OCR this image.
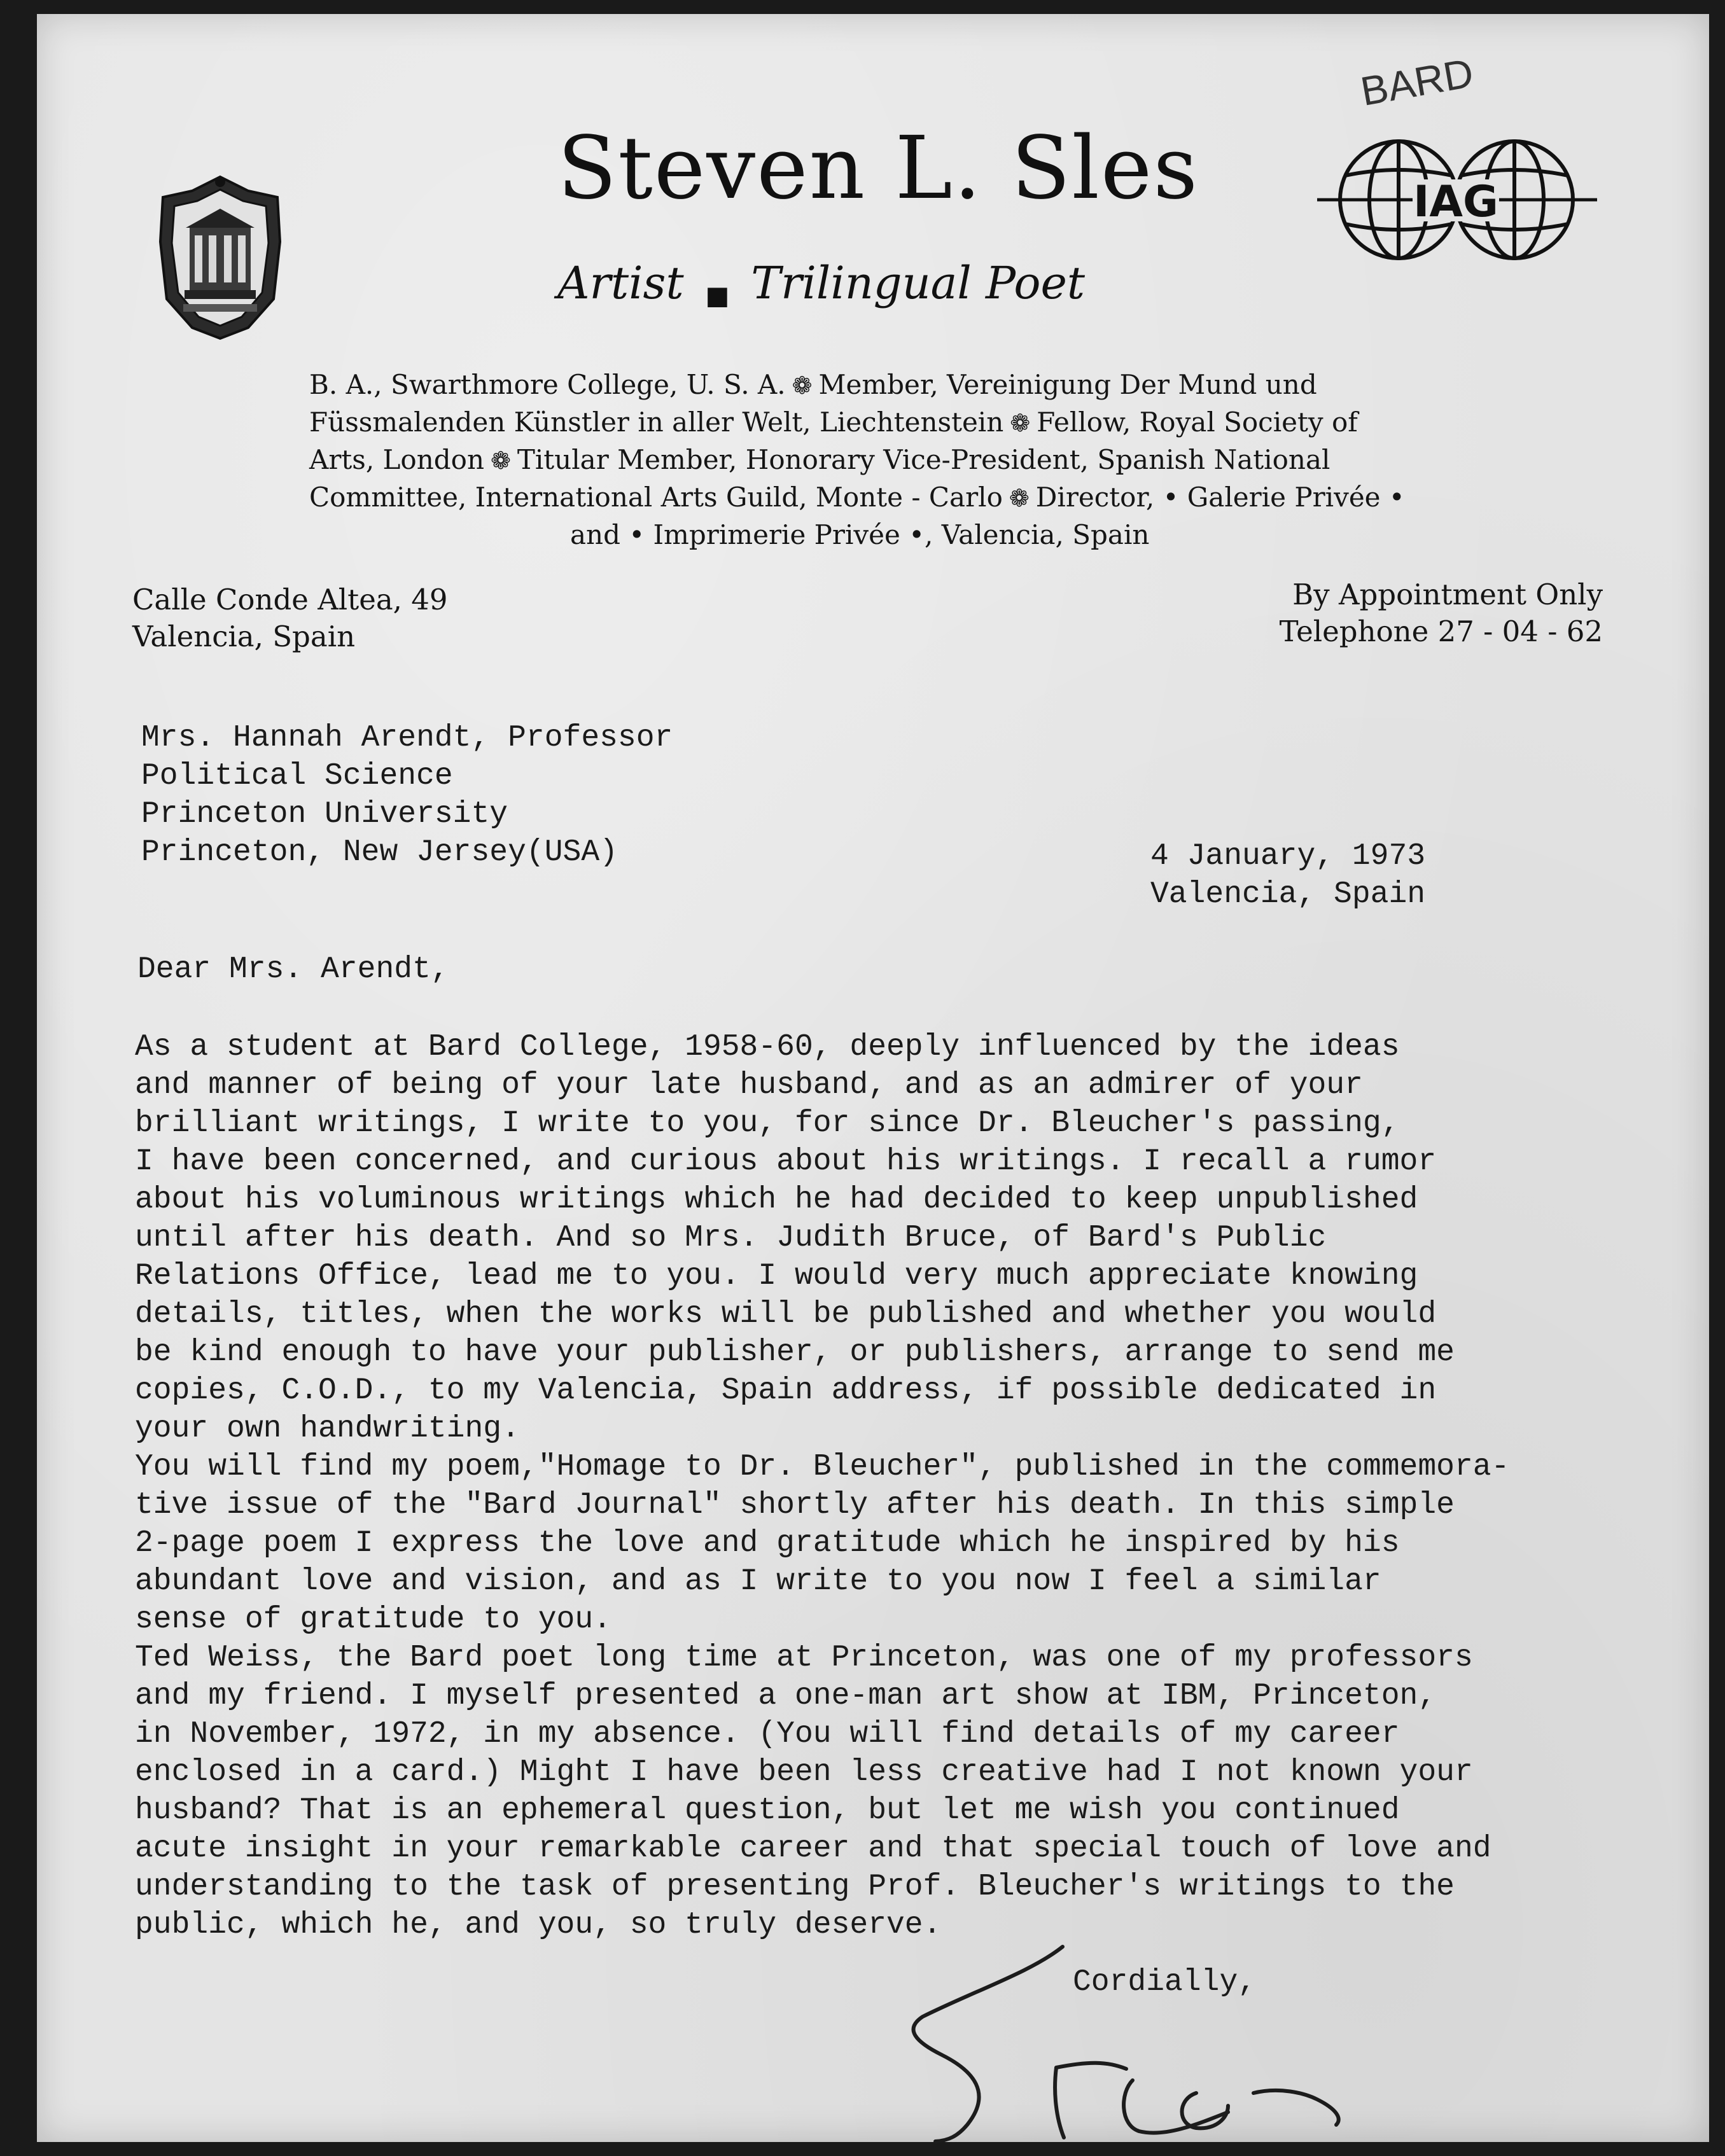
BARD
IAG
Steven L. Sles
Artist ■ Trilingual Poet
B. A., Swarthmore College, U. S. A. ❁ Member, Vereinigung Der Mund und
Füssmalenden Künstler in aller Welt, Liechtenstein ❁ Fellow, Royal Society of
Arts, London ❁ Titular Member, Honorary Vice-President, Spanish National
Committee, International Arts Guild, Monte - Carlo ❁ Director, • Galerie Privée •
and • Imprimerie Privée •, Valencia, Spain
Calle Conde Altea, 49
Valencia, Spain
By Appointment Only
Telephone 27 - 04 - 62
Mrs. Hannah Arendt, Professor
Political Science
Princeton University
Princeton, New Jersey(USA)	4 January, 1973
Valencia, Spain
Dear Mrs. Arendt,

As a student at Bard College, 1958-60, deeply influenced by the ideas

and manner of being of your late husband, and as an admirer of your

brilliant writings, I write to you, for since Dr. Bleucher's passing,

I have been concerned, and curious about his writings. I recall a rumor

about his voluminous writings which he had decided to keep unpublished

until after his death. And so Mrs. Judith Bruce, of Bard's Public

Relations Office, lead me to you. I would very much appreciate knowing

details, titles, when the works will be published and whether you would

be kind enough to have your publisher, or publishers, arrange to send me

copies, C.O.D., to my Valencia, Spain address, if possible dedicated in

your own handwriting.

You will find my poem,"Homage to Dr. Bleucher", published in the commemora-

tive issue of the "Bard Journal" shortly after his death. In this simple

2-page poem I express the love and gratitude which he inspired by his

abundant love and vision, and as I write to you now I feel a similar

sense of gratitude to you.

Ted Weiss, the Bard poet long time at Princeton, was one of my professors

and my friend. I myself presented a one-man art show at IBM, Princeton,

in November, 1972, in my absence. (You will find details of my career

enclosed in a card.) Might I have been less creative had I not known your

husband? That is an ephemeral question, but let me wish you continued

acute insight in your remarkable career and that special touch of love and

understanding to the task of presenting Prof. Bleucher's writings to the

public, which he, and you, so truly deserve.

Cordially,
